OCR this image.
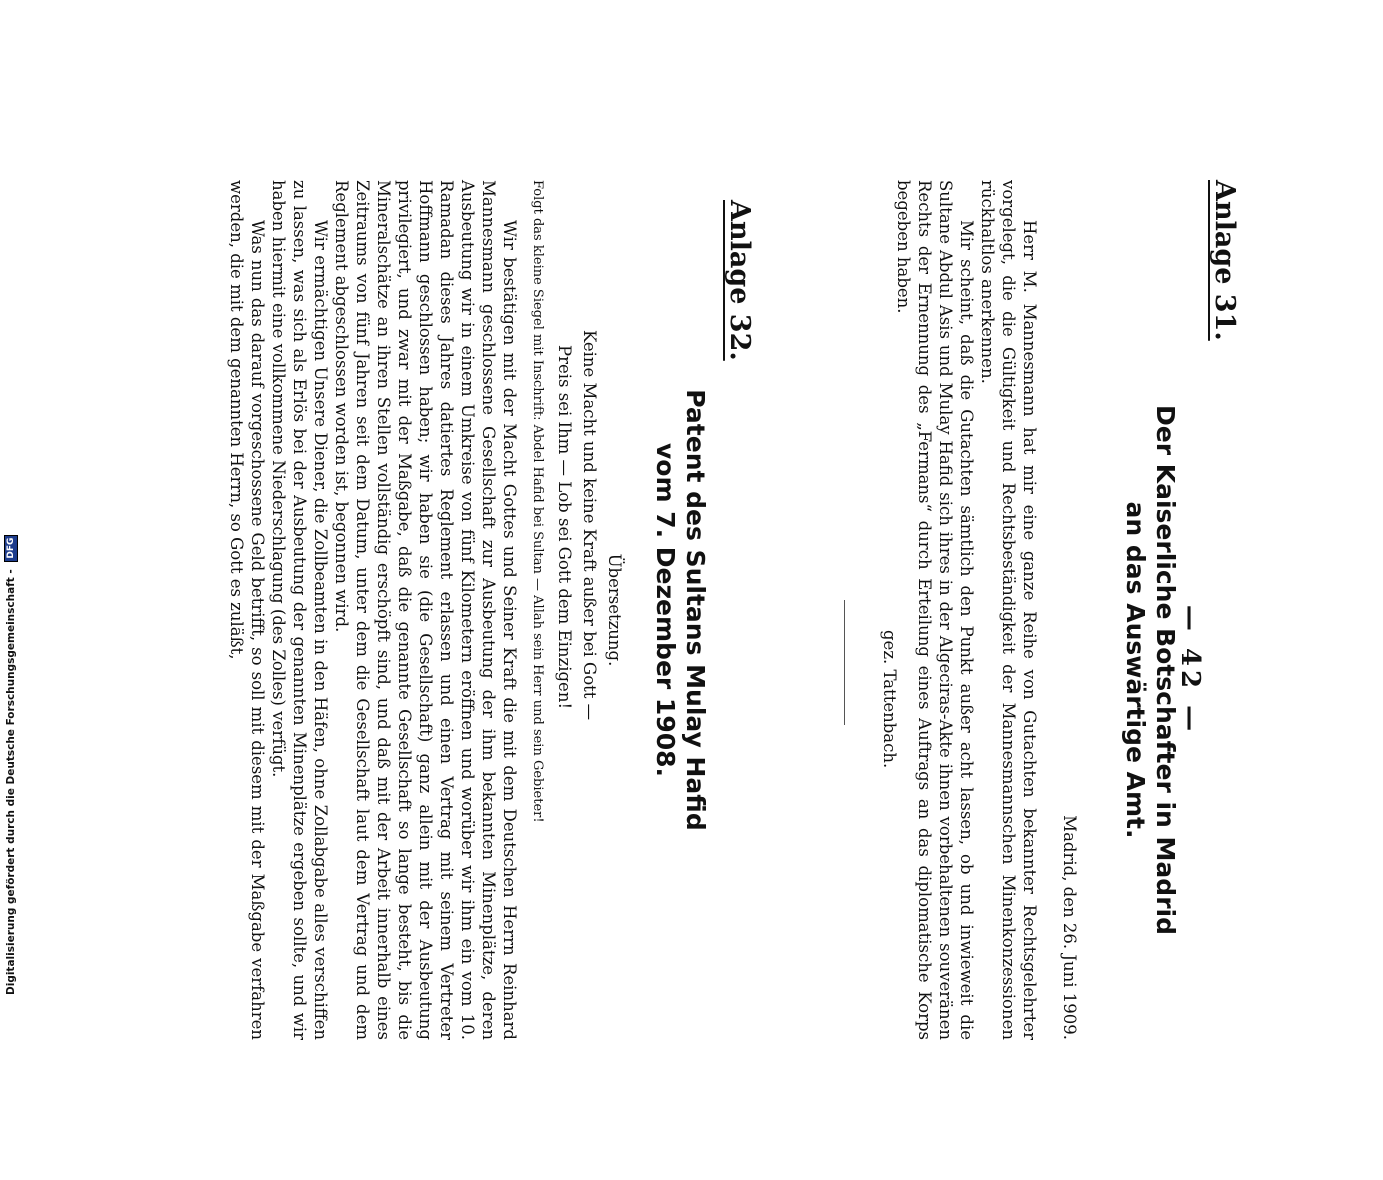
— 42 —
Anlage 31.
Der Kaiserliche Botschafter in Madrid
an das Auswärtige Amt.
Madrid, den 26. Juni 1909.

Herr M. Mannesmann hat mir eine ganze Reihe von Gutachten bekannter Rechtsgelehrter vorgelegt, die die Gültigkeit und Rechtsbeständigkeit der Mannesmannschen Minenkonzessionen rückhaltlos anerkennen.

Mir scheint, daß die Gutachten sämtlich den Punkt außer acht lassen, ob und inwieweit die Sultane Abdul Asis und Mulay Hafid sich ihres in der Algeciras-Akte ihnen vorbehaltenen souveränen Rechts der Ernennung des „Fermans“ durch Erteilung eines Auftrags an das diplomatische Korps begeben haben.

gez. Tattenbach.
Anlage 32.
Patent des Sultans Mulay Hafid
vom 7. Dezember 1908.
Übersetzung.
Keine Macht und keine Kraft außer bei Gott —
Preis sei Ihm — Lob sei Gott dem Einzigen!
Folgt das kleine Siegel mit Inschrift: Abdel Hafid bei Sultan — Allah sein Herr und sein Gebieter!

Wir bestätigen mit der Macht Gottes und Seiner Kraft die mit dem Deutschen Herrn Reinhard Mannesmann geschlossene Gesellschaft zur Ausbeutung der ihm bekannten Minenplätze, deren Ausbeutung wir in einem Umkreise von fünf Kilometern eröffnen und worüber wir ihm ein vom 10. Ramadan dieses Jahres datiertes Reglement erlassen und einen Vertrag mit seinem Vertreter Hoffmann geschlossen haben; wir haben sie (die Gesellschaft) ganz allein mit der Ausbeutung privilegiert, und zwar mit der Maßgabe, daß die genannte Gesellschaft so lange besteht, bis die Mineralschätze an ihren Stellen vollständig erschöpft sind, und daß mit der Arbeit innerhalb eines Zeitraums von fünf Jahren seit dem Datum, unter dem die Gesellschaft laut dem Vertrag und dem Reglement abgeschlossen worden ist, begonnen wird.

Wir ermächtigen Unsere Diener, die Zollbeamten in den Häfen, ohne Zollabgabe alles verschiffen zu lassen, was sich als Erlös bei der Ausbeutung der genannten Minenplätze ergeben sollte, und wir haben hiermit eine vollkommene Niederschlagung (des Zolles) verfügt.

Was nun das darauf vorgeschossene Geld betrifft, so soll mit diesem mit der Maßgabe verfahren werden, die mit dem genannten Herrn, so Gott es zuläßt,

Digitalisierung gefördert durch die Deutsche Forschungsgemeinschaft - DFG
